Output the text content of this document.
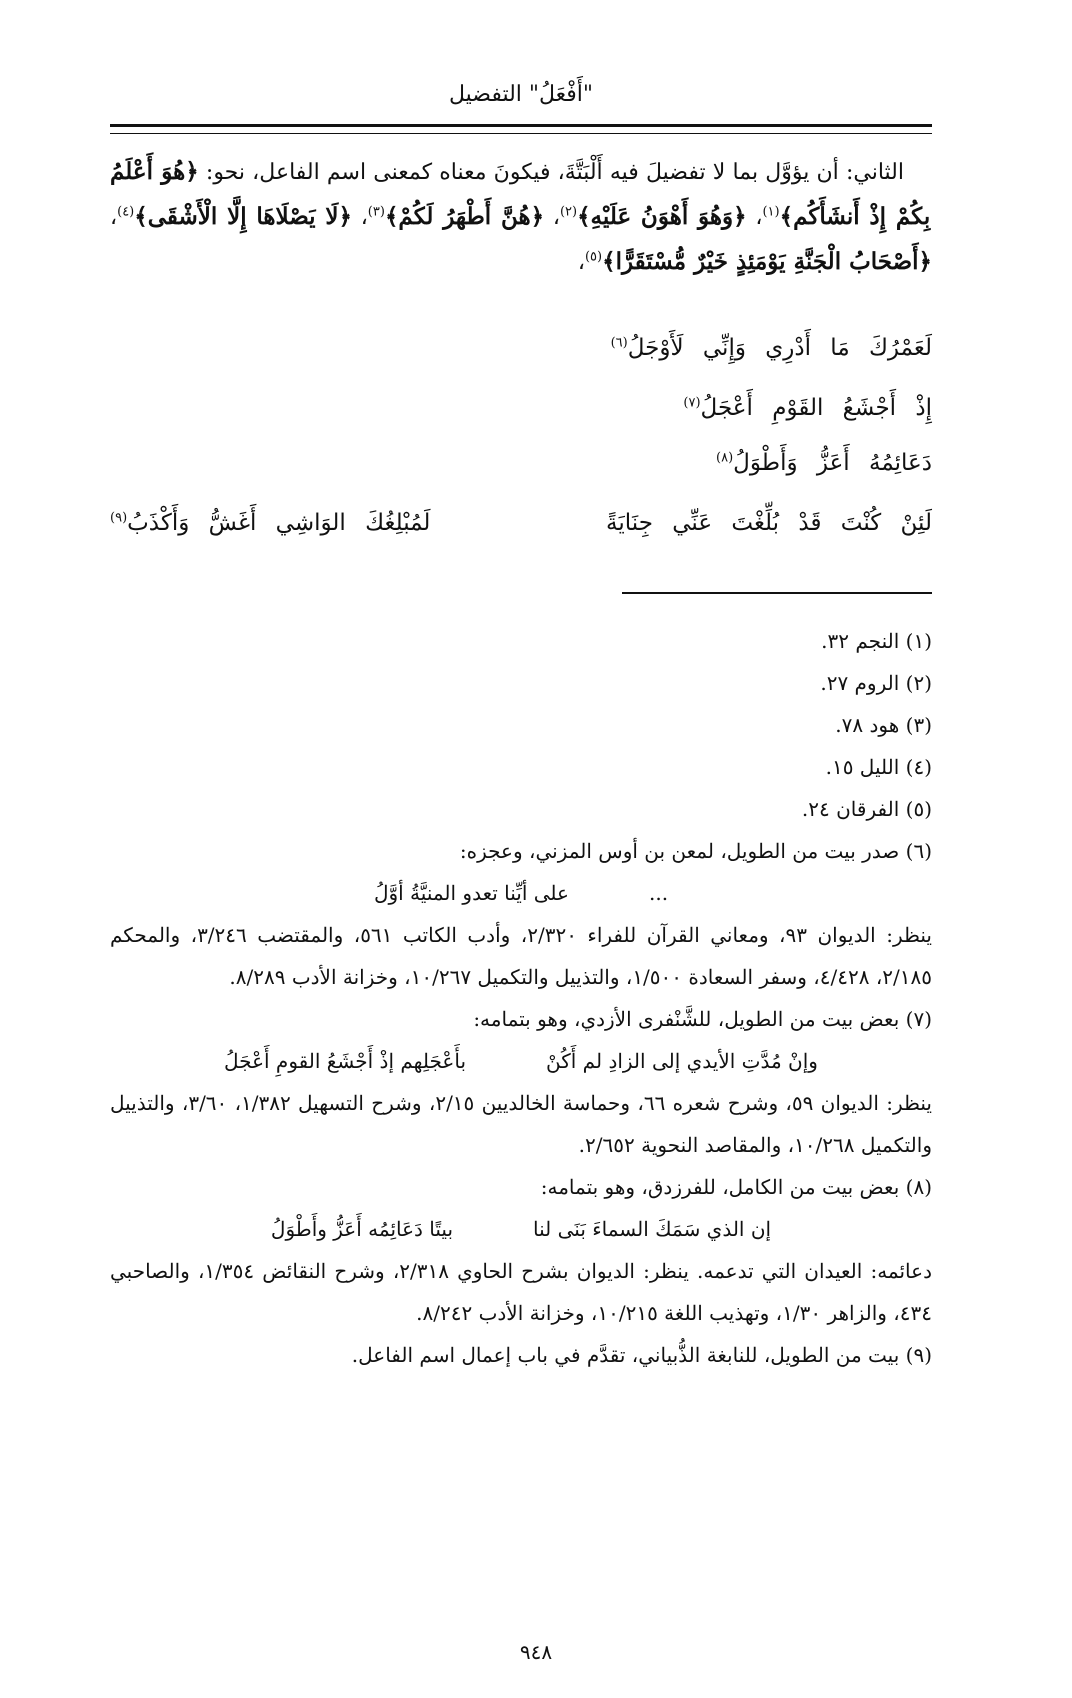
"أَفْعَلُ" التفضيل

الثاني: أن يؤوَّل بما لا تفضيلَ فيه أَلْبَتَّةَ، فيكونَ معناه كمعنى اسم الفاعل، نحو: ﴿هُوَ أَعْلَمُ بِكُمْ إِذْ أَنشَأَكُم﴾$^{(١)}$، ﴿وَهُوَ أَهْوَنُ عَلَيْهِ﴾$^{(٢)}$، ﴿هُنَّ أَطْهَرُ لَكُمْ﴾$^{(٣)}$، ﴿لَا يَصْلَاهَا إِلَّا الْأَشْقَى﴾$^{(٤)}$، ﴿أَصْحَابُ الْجَنَّةِ يَوْمَئِذٍ خَيْرٌ مُّسْتَقَرًّا﴾$^{(٥)}$،

لَعَمْرُكَ مَا أَدْرِي وَإِنِّي لَأَوْجَلُ$^{(٦)}$
إِذْ أَجْشَعُ القَوْمِ أَعْجَلُ$^{(٧)}$
دَعَائِمُهُ أَعَزُّ وَأَطْوَلُ$^{(٨)}$
لَئِنْ كُنْتَ قَدْ بُلِّغْتَ عَنِّي جِنَايَةً
لَمُبْلِغُكَ الوَاشِي أَغَشُّ وَأَكْذَبُ$^{(٩)}$

(١) النجم ٣٢.

(٢) الروم ٢٧.

(٣) هود ٧٨.

(٤) الليل ١٥.

(٥) الفرقان ٢٤.

(٦) صدر بيت من الطويل، لمعن بن أوس المزني، وعجزه:

...
على أيِّنا تعدو المنيَّةُ أوَّلُ

ينظر: الديوان ٩٣، ومعاني القرآن للفراء ٢/٣٢٠، وأدب الكاتب ٥٦١، والمقتضب ٣/٢٤٦، والمحكم ٢/١٨٥، ٤/٤٢٨، وسفر السعادة ١/٥٠٠، والتذييل والتكميل ١٠/٢٦٧، وخزانة الأدب ٨/٢٨٩.

(٧) بعض بيت من الطويل، للشَّنْفرى الأزدي، وهو بتمامه:

وإنْ مُدَّتِ الأيدي إلى الزادِ لم أَكُنْ
بأَعْجَلِهم إذْ أَجْشَعُ القومِ أَعْجَلُ

ينظر: الديوان ٥٩، وشرح شعره ٦٦، وحماسة الخالديين ٢/١٥، وشرح التسهيل ١/٣٨٢، ٣/٦٠، والتذييل والتكميل ١٠/٢٦٨، والمقاصد النحوية ٢/٦٥٢.

(٨) بعض بيت من الكامل، للفرزدق، وهو بتمامه:

إن الذي سَمَكَ السماءَ بَنَى لنا
بيتًا دَعَائِمُه أَعَزُّ وأَطْوَلُ

دعائمه: العيدان التي تدعمه. ينظر: الديوان بشرح الحاوي ٢/٣١٨، وشرح النقائض ١/٣٥٤، والصاحبي ٤٣٤، والزاهر ١/٣٠، وتهذيب اللغة ١٠/٢١٥، وخزانة الأدب ٨/٢٤٢.

(٩) بيت من الطويل، للنابغة الذُّبياني، تقدَّم في باب إعمال اسم الفاعل.

٩٤٨
